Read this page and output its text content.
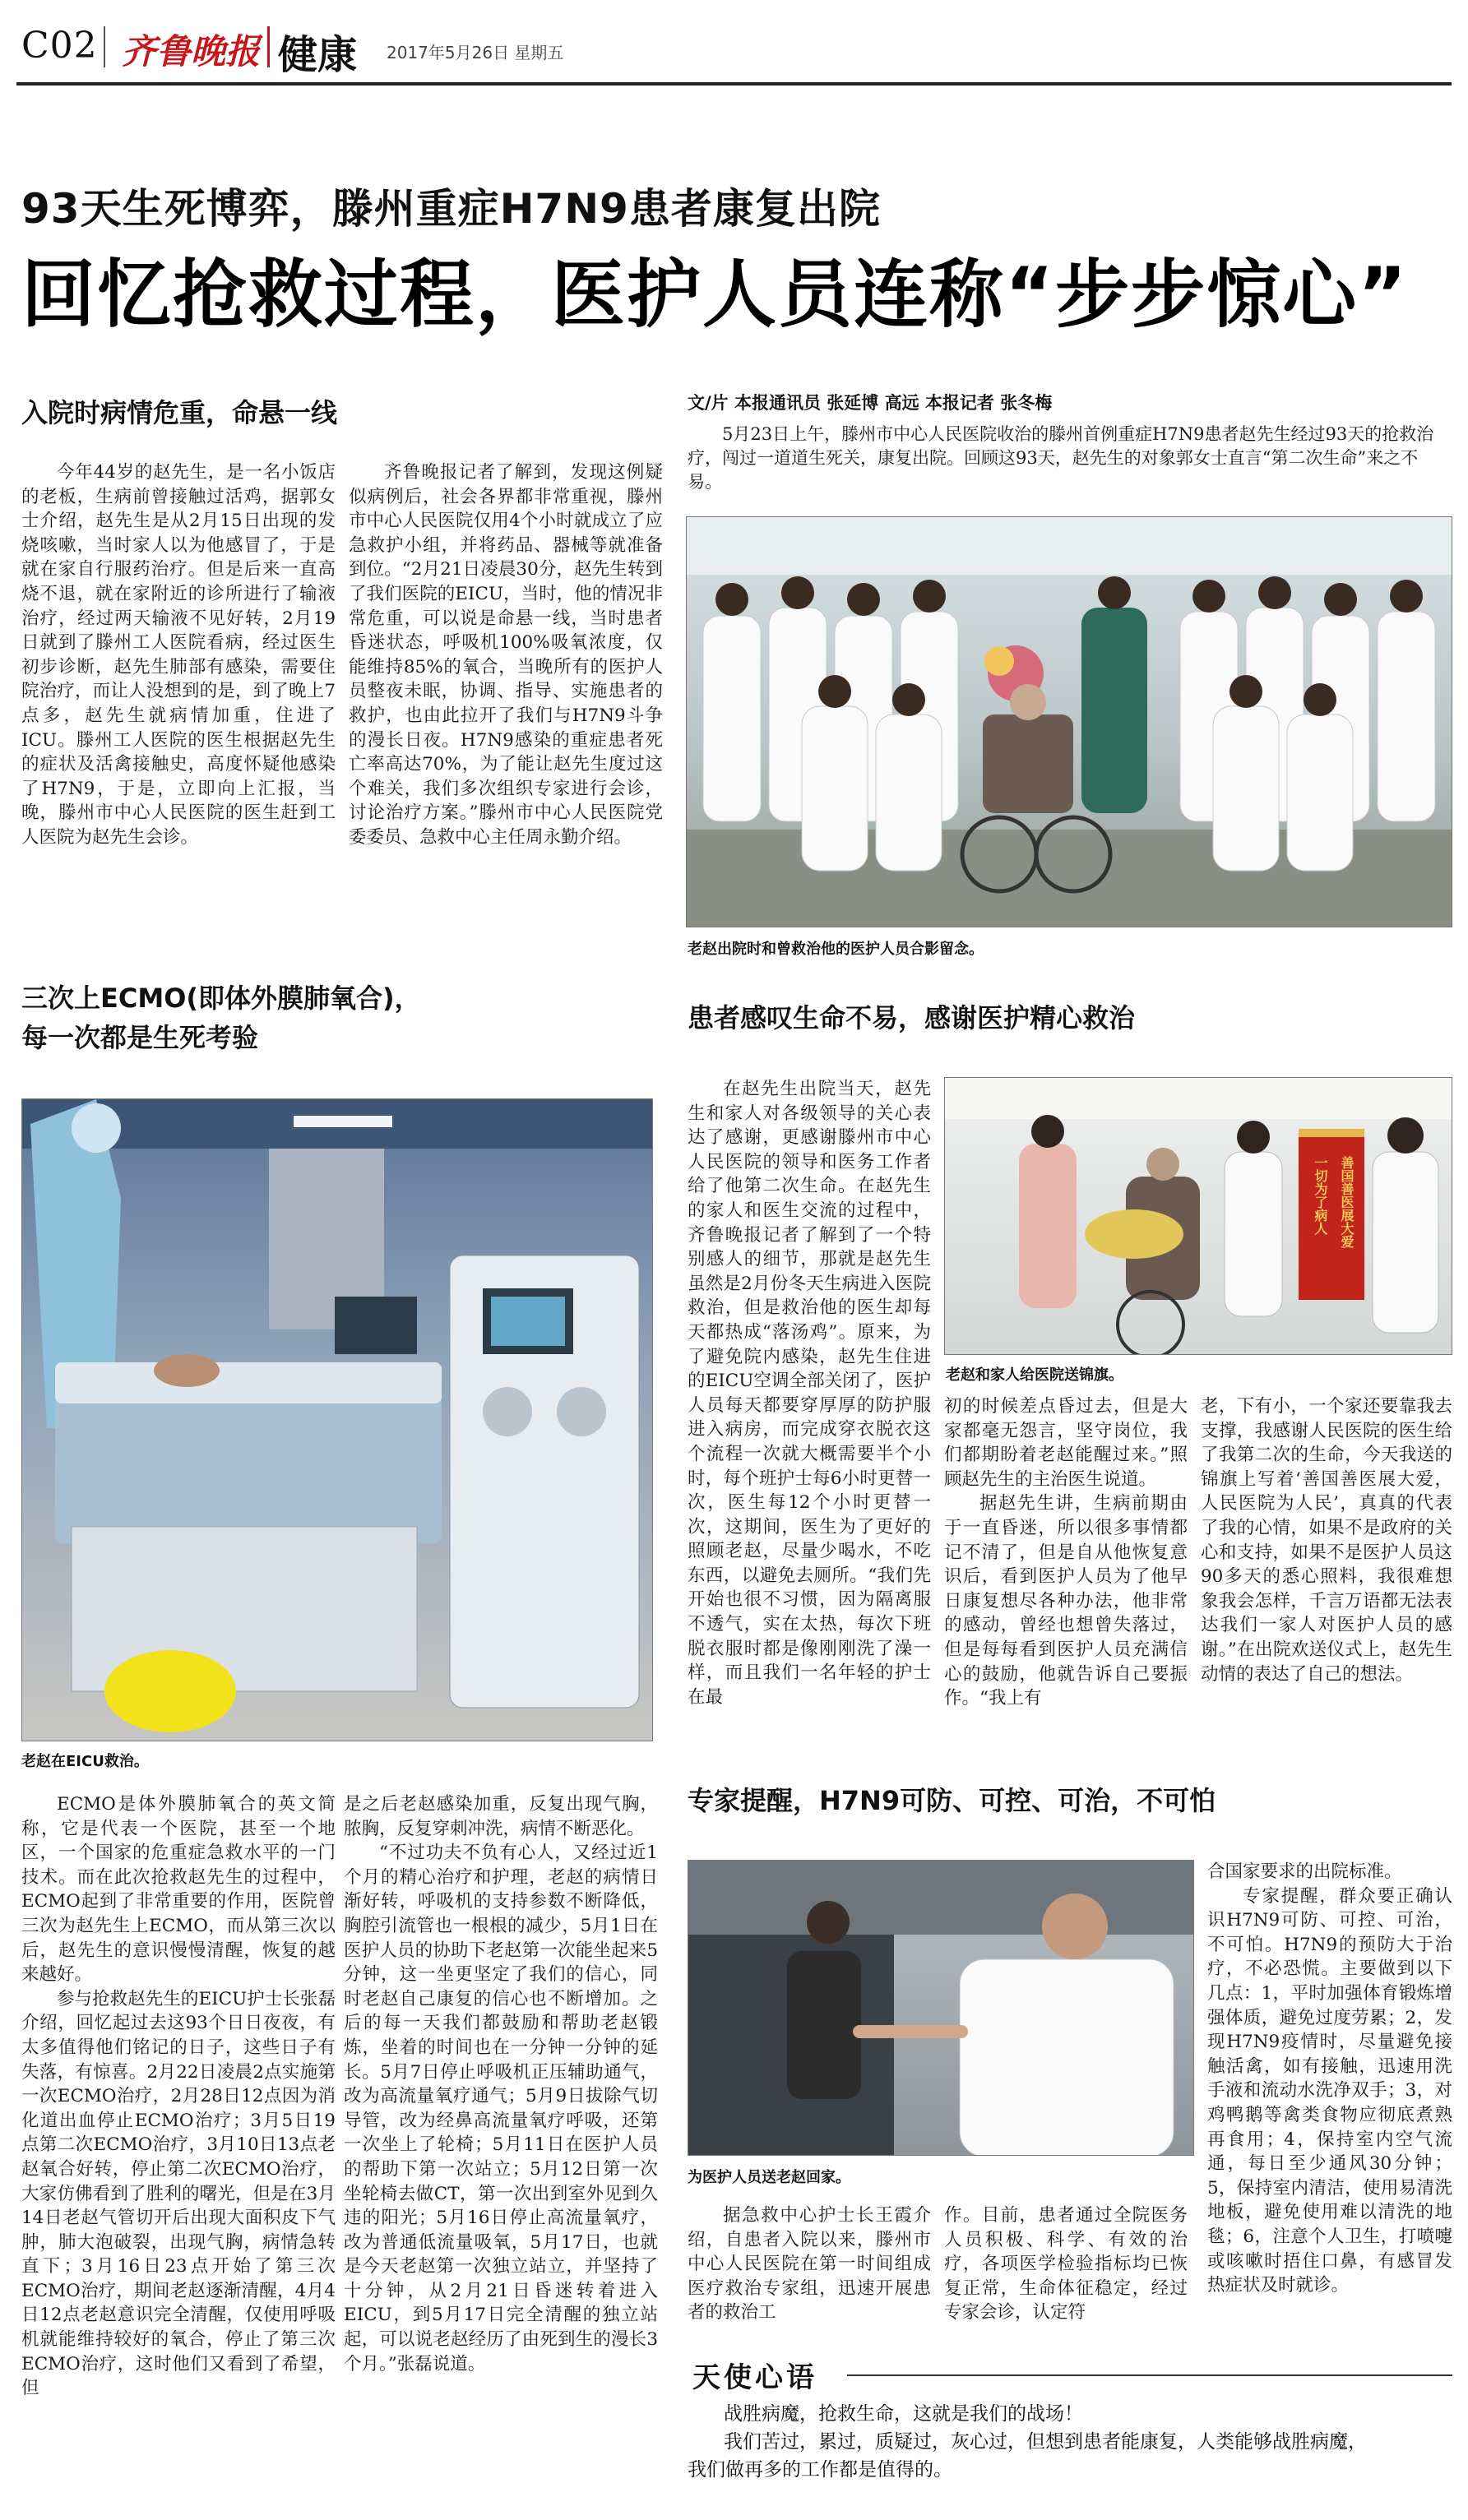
C02 齐鲁晚报 健康 2017年5月26日 星期五
93天生死博弈，滕州重症H7N9患者康复出院
回忆抢救过程，医护人员连称“步步惊心”
入院时病情危重，命悬一线

今年44岁的赵先生，是一名小饭店的老板，生病前曾接触过活鸡，据郭女士介绍，赵先生是从2月15日出现的发烧咳嗽，当时家人以为他感冒了，于是就在家自行服药治疗。但是后来一直高烧不退，就在家附近的诊所进行了输液治疗，经过两天输液不见好转，2月19日就到了滕州工人医院看病，经过医生初步诊断，赵先生肺部有感染，需要住院治疗，而让人没想到的是，到了晚上7点多，赵先生就病情加重，住进了ICU。滕州工人医院的医生根据赵先生的症状及活禽接触史，高度怀疑他感染了H7N9，于是，立即向上汇报，当晚，滕州市中心人民医院的医生赶到工人医院为赵先生会诊。

齐鲁晚报记者了解到，发现这例疑似病例后，社会各界都非常重视，滕州市中心人民医院仅用4个小时就成立了应急救护小组，并将药品、器械等就准备到位。“2月21日凌晨30分，赵先生转到了我们医院的EICU，当时，他的情况非常危重，可以说是命悬一线，当时患者昏迷状态，呼吸机100%吸氧浓度，仅能维持85%的氧合，当晚所有的医护人员整夜未眠，协调、指导、实施患者的救护，也由此拉开了我们与H7N9斗争的漫长日夜。H7N9感染的重症患者死亡率高达70%，为了能让赵先生度过这个难关，我们多次组织专家进行会诊，讨论治疗方案。”滕州市中心人民医院党委委员、急救中心主任周永勤介绍。

文/片 本报通讯员 张延博 高远 本报记者 张冬梅
5月23日上午，滕州市中心人民医院收治的滕州首例重症H7N9患者赵先生经过93天的抢救治疗，闯过一道道生死关，康复出院。回顾这93天，赵先生的对象郭女士直言“第二次生命”来之不易。
老赵出院时和曾救治他的医护人员合影留念。
三次上ECMO(即体外膜肺氧合)，
每一次都是生死考验
老赵在EICU救治。

ECMO是体外膜肺氧合的英文简称，它是代表一个医院，甚至一个地区，一个国家的危重症急救水平的一门技术。而在此次抢救赵先生的过程中，ECMO起到了非常重要的作用，医院曾三次为赵先生上ECMO，而从第三次以后，赵先生的意识慢慢清醒，恢复的越来越好。

参与抢救赵先生的EICU护士长张磊介绍，回忆起过去这93个日日夜夜，有太多值得他们铭记的日子，这些日子有失落，有惊喜。2月22日凌晨2点实施第一次ECMO治疗，2月28日12点因为消化道出血停止ECMO治疗；3月5日19点第二次ECMO治疗，3月10日13点老赵氧合好转，停止第二次ECMO治疗，大家仿佛看到了胜利的曙光，但是在3月14日老赵气管切开后出现大面积皮下气肿，肺大泡破裂，出现气胸，病情急转直下；3月16日23点开始了第三次ECMO治疗，期间老赵逐渐清醒，4月4日12点老赵意识完全清醒，仅使用呼吸机就能维持较好的氧合，停止了第三次ECMO治疗，这时他们又看到了希望，但

是之后老赵感染加重，反复出现气胸，脓胸，反复穿刺冲洗，病情不断恶化。

“不过功夫不负有心人，又经过近1个月的精心治疗和护理，老赵的病情日渐好转，呼吸机的支持参数不断降低，胸腔引流管也一根根的减少，5月1日在医护人员的协助下老赵第一次能坐起来5分钟，这一坐更坚定了我们的信心，同时老赵自己康复的信心也不断增加。之后的每一天我们都鼓励和帮助老赵锻炼，坐着的时间也在一分钟一分钟的延长。5月7日停止呼吸机正压辅助通气，改为高流量氧疗通气；5月9日拔除气切导管，改为经鼻高流量氧疗呼吸，还第一次坐上了轮椅；5月11日在医护人员的帮助下第一次站立；5月12日第一次坐轮椅去做CT，第一次出到室外见到久违的阳光；5月16日停止高流量氧疗，改为普通低流量吸氧，5月17日，也就是今天老赵第一次独立站立，并坚持了十分钟，从2月21日昏迷转着进入EICU，到5月17日完全清醒的独立站起，可以说老赵经历了由死到生的漫长3个月。”张磊说道。

患者感叹生命不易，感谢医护精心救治

在赵先生出院当天，赵先生和家人对各级领导的关心表达了感谢，更感谢滕州市中心人民医院的领导和医务工作者给了他第二次生命。在赵先生的家人和医生交流的过程中，齐鲁晚报记者了解到了一个特别感人的细节，那就是赵先生虽然是2月份冬天生病进入医院救治，但是救治他的医生却每天都热成“落汤鸡”。原来，为了避免院内感染，赵先生住进的EICU空调全部关闭了，医护人员每天都要穿厚厚的防护服进入病房，而完成穿衣脱衣这个流程一次就大概需要半个小时，每个班护士每6小时更替一次，医生每12个小时更替一次，这期间，医生为了更好的照顾老赵，尽量少喝水，不吃东西，以避免去厕所。“我们先开始也很不习惯，因为隔离服不透气，实在太热，每次下班脱衣服时都是像刚刚洗了澡一样，而且我们一名年轻的护士在最

一切为了病人 善国善医展大爱
老赵和家人给医院送锦旗。

初的时候差点昏过去，但是大家都毫无怨言，坚守岗位，我们都期盼着老赵能醒过来。”照顾赵先生的主治医生说道。

据赵先生讲，生病前期由于一直昏迷，所以很多事情都记不清了，但是自从他恢复意识后，看到医护人员为了他早日康复想尽各种办法，他非常的感动，曾经也想曾失落过，但是每每看到医护人员充满信心的鼓励，他就告诉自己要振作。“我上有

老，下有小，一个家还要靠我去支撑，我感谢人民医院的医生给了我第二次的生命，今天我送的锦旗上写着‘善国善医展大爱，人民医院为人民’，真真的代表了我的心情，如果不是政府的关心和支持，如果不是医护人员这90多天的悉心照料，我很难想象我会怎样，千言万语都无法表达我们一家人对医护人员的感谢。”在出院欢送仪式上，赵先生动情的表达了自己的想法。

专家提醒，H7N9可防、可控、可治，不可怕
为医护人员送老赵回家。

合国家要求的出院标准。

专家提醒，群众要正确认识H7N9可防、可控、可治，不可怕。H7N9的预防大于治疗，不必恐慌。主要做到以下几点：1，平时加强体育锻炼增强体质，避免过度劳累；2，发现H7N9疫情时，尽量避免接触活禽，如有接触，迅速用洗手液和流动水洗净双手；3，对鸡鸭鹅等禽类食物应彻底煮熟再食用；4，保持室内空气流通，每日至少通风30分钟；5，保持室内清洁，使用易清洗地板，避免使用难以清洗的地毯；6，注意个人卫生，打喷嚏或咳嗽时捂住口鼻，有感冒发热症状及时就诊。

据急救中心护士长王霞介绍，自患者入院以来，滕州市中心人民医院在第一时间组成医疗救治专家组，迅速开展患者的救治工

作。目前，患者通过全院医务人员积极、科学、有效的治疗，各项医学检验指标均已恢复正常，生命体征稳定，经过专家会诊，认定符

天使心语
战胜病魔，抢救生命，这就是我们的战场！
我们苦过，累过，质疑过，灰心过，但想到患者能康复，人类能够战胜病魔，
我们做再多的工作都是值得的。
